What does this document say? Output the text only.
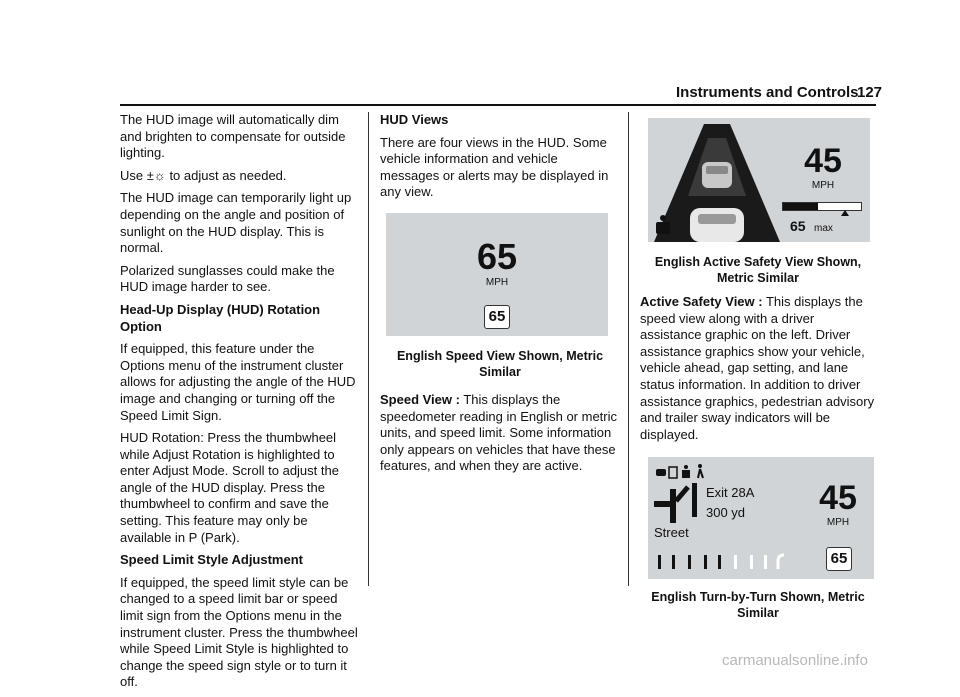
Instruments and Controls
127

The HUD image will automatically dim and brighten to compensate for outside lighting.

Use ±☼ to adjust as needed.

The HUD image can temporarily light up depending on the angle and position of sunlight on the HUD display. This is normal.

Polarized sunglasses could make the HUD image harder to see.

Head-Up Display (HUD) Rotation Option

If equipped, this feature under the Options menu of the instrument cluster allows for adjusting the angle of the HUD image and changing or turning off the Speed Limit Sign.

HUD Rotation: Press the thumbwheel while Adjust Rotation is highlighted to enter Adjust Mode. Scroll to adjust the angle of the HUD display. Press the thumbwheel to confirm and save the setting. This feature may only be available in P (Park).

Speed Limit Style Adjustment

If equipped, the speed limit style can be changed to a speed limit bar or speed limit sign from the Options menu in the instrument cluster. Press the thumbwheel while Speed Limit Style is highlighted to change the speed sign style or to turn it off.

HUD Views

There are four views in the HUD. Some vehicle information and vehicle messages or alerts may be displayed in any view.

65
MPH
65

English Speed View Shown, Metric Similar

Speed View : This displays the speedometer reading in English or metric units, and speed limit. Some information only appears on vehicles that have these features, and when they are active.

45
MPH
65 max

English Active Safety View Shown, Metric Similar

Active Safety View : This displays the speed view along with a driver assistance graphic on the left. Driver assistance graphics show your vehicle, vehicle ahead, gap setting, and lane status information. In addition to driver assistance graphics, pedestrian advisory and trailer sway indicators will be displayed.

Exit 28A
300 yd
Street
45
MPH
65

English Turn-by-Turn Shown, Metric Similar

carmanualsonline.info
